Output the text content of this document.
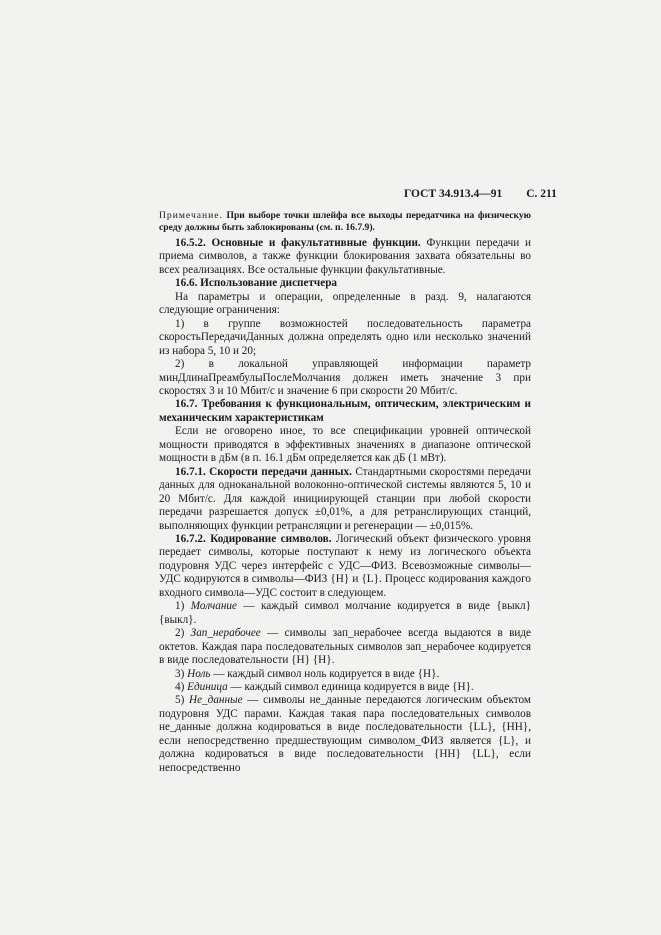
ГОСТ 34.913.4—91 С. 211
Примечание. При выборе точки шлейфа все выходы передатчика на физическую среду должны быть заблокированы (см. п. 16.7.9).

16.5.2. Основные и факультативные функции. Функции передачи и приема символов, а также функции блокирования захвата обязательны во всех реализациях. Все остальные функции факультативные.

16.6. Использование диспетчера

На параметры и операции, определенные в разд. 9, налагаются следующие ограничения:

1) в группе возможностей последовательность параметра скоростьПередачиДанных должна определять одно или несколько значений из набора 5, 10 и 20;

2) в локальной управляющей информации параметр минДлинаПреамбулыПослеМолчания должен иметь значение 3 при скоростях 3 и 10 Мбит/с и значение 6 при скорости 20 Мбит/с.

16.7. Требования к функциональным, оптическим, электрическим и механическим характеристикам

Если не оговорено иное, то все спецификации уровней оптической мощности приводятся в эффективных значениях в диапазоне оптической мощности в дБм (в п. 16.1 дБм определяется как дБ (1 мВт).

16.7.1. Скорости передачи данных. Стандартными скоростями передачи данных для одноканальной волоконно-оптической системы являются 5, 10 и 20 Мбит/с. Для каждой инициирующей станции при любой скорости передачи разрешается допуск ±0,01%, а для ретранслирующих станций, выполняющих функции ретрансляции и регенерации — ±0,015%.

16.7.2. Кодирование символов. Логический объект физического уровня передает символы, которые поступают к нему из логического объекта подуровня УДС через интерфейс с УДС—ФИЗ. Всевозможные символы—УДС кодируются в символы—ФИЗ {H} и {L}. Процесс кодирования каждого входного символа—УДС состоит в следующем.

1) Молчание — каждый символ молчание кодируется в виде {выкл} {выкл}.

2) Зап_нерабочее — символы зап_нерабочее всегда выдаются в виде октетов. Каждая пара последовательных символов зап_нерабочее кодируется в виде последовательности {H} {H}.

3) Ноль — каждый символ ноль кодируется в виде {H}.

4) Единица — каждый символ единица кодируется в виде {H}.

5) Не_данные — символы не_данные передаются логическим объектом подуровня УДС парами. Каждая такая пара последовательных символов не_данные должна кодироваться в виде последовательности {LL}, {HH}, если непосредственно предшествующим символом_ФИЗ является {L}, и должна кодироваться в виде последовательности {HH} {LL}, если непосредственно
